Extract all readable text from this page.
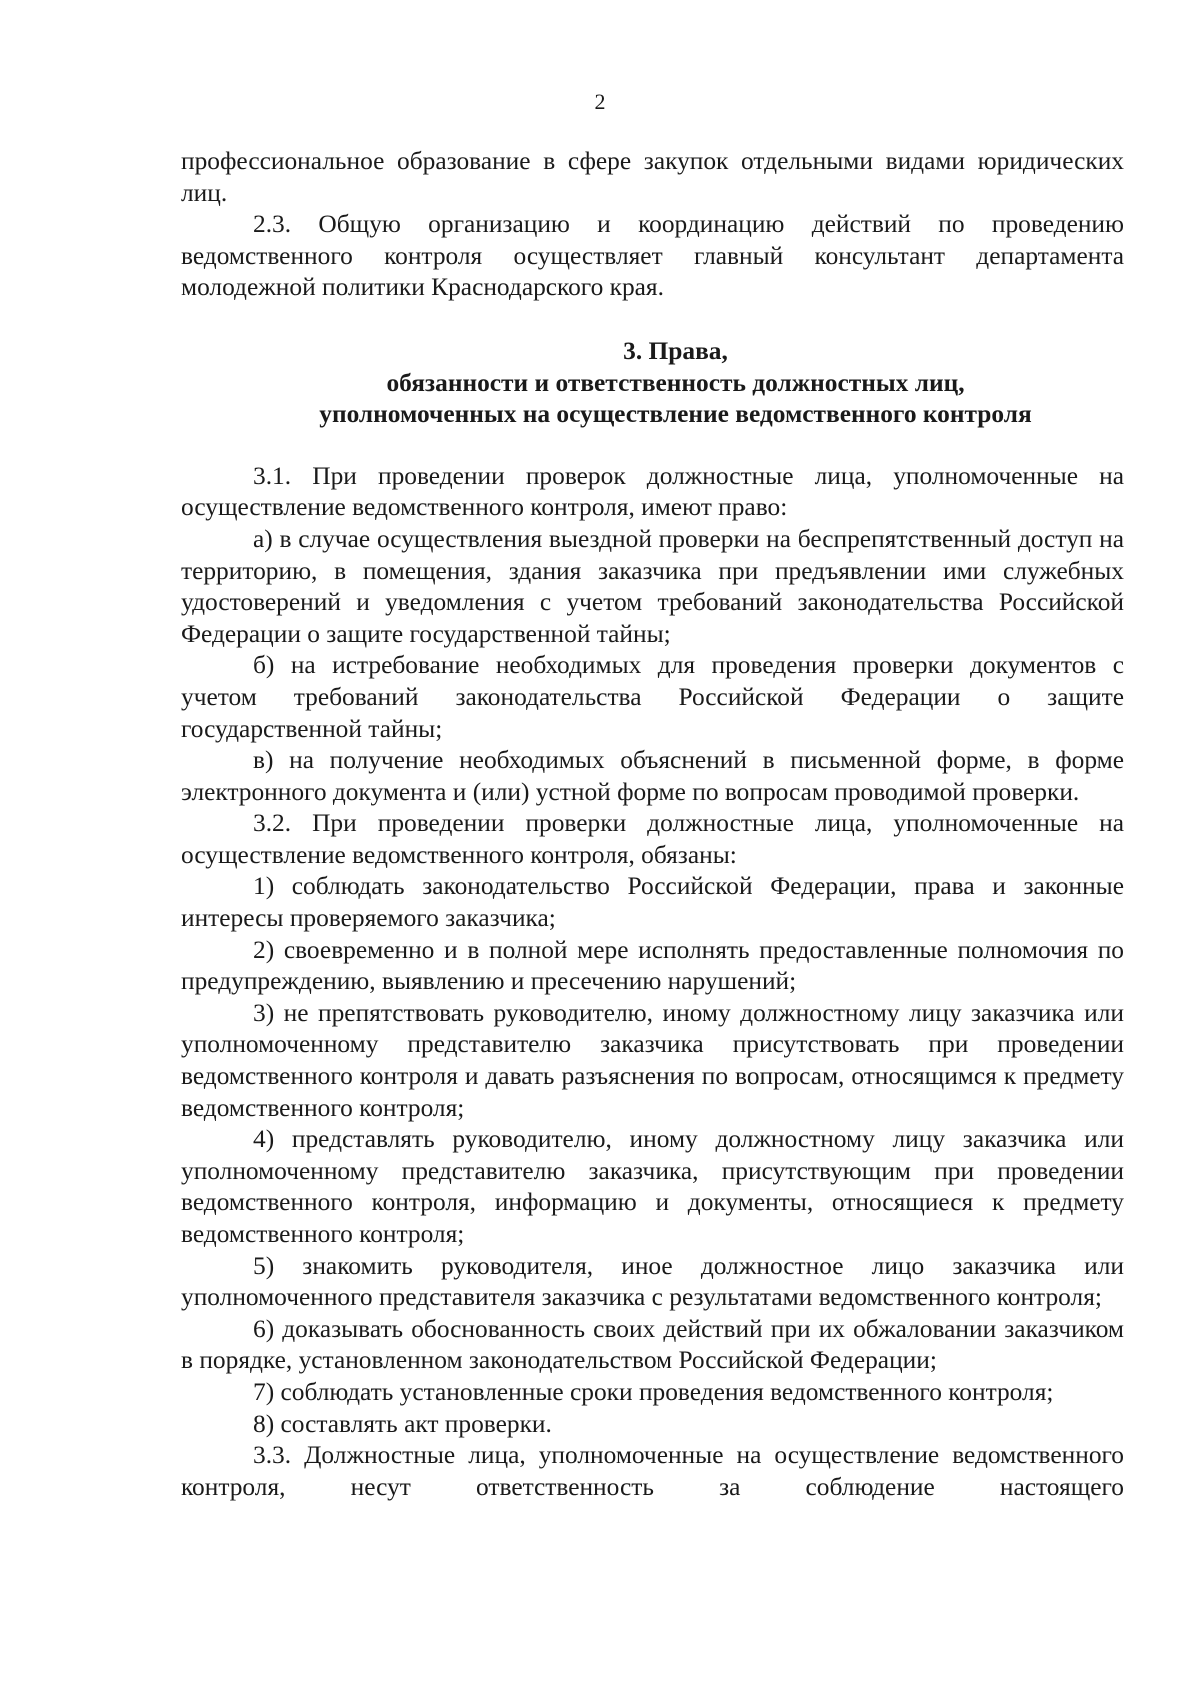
2

профессиональное образование в сфере закупок отдельными видами юридических лиц.

2.3. Общую организацию и координацию действий по проведению ведомственного контроля осуществляет главный консультант департамента молодежной политики Краснодарского края.

3. Права,
обязанности и ответственность должностных лиц,
уполномоченных на осуществление ведомственного контроля

3.1. При проведении проверок должностные лица, уполномоченные на осуществление ведомственного контроля, имеют право:

а) в случае осуществления выездной проверки на беспрепятственный доступ на территорию, в помещения, здания заказчика при предъявлении ими служебных удостоверений и уведомления с учетом требований законодательства Российской Федерации о защите государственной тайны;

б) на истребование необходимых для проведения проверки документов с учетом требований законодательства Российской Федерации о защите государственной тайны;

в) на получение необходимых объяснений в письменной форме, в форме электронного документа и (или) устной форме по вопросам проводимой проверки.

3.2. При проведении проверки должностные лица, уполномоченные на осуществление ведомственного контроля, обязаны:

1) соблюдать законодательство Российской Федерации, права и законные интересы проверяемого заказчика;

2) своевременно и в полной мере исполнять предоставленные полномочия по предупреждению, выявлению и пресечению нарушений;

3) не препятствовать руководителю, иному должностному лицу заказчика или уполномоченному представителю заказчика присутствовать при проведении ведомственного контроля и давать разъяснения по вопросам, относящимся к предмету ведомственного контроля;

4) представлять руководителю, иному должностному лицу заказчика или уполномоченному представителю заказчика, присутствующим при проведении ведомственного контроля, информацию и документы, относящиеся к предмету ведомственного контроля;

5) знакомить руководителя, иное должностное лицо заказчика или уполномоченного представителя заказчика с результатами ведомственного контроля;

6) доказывать обоснованность своих действий при их обжаловании заказчиком в порядке, установленном законодательством Российской Федерации;

7) соблюдать установленные сроки проведения ведомственного контроля;

8) составлять акт проверки.

3.3. Должностные лица, уполномоченные на осуществление ведомственного контроля, несут ответственность за соблюдение настоящего
